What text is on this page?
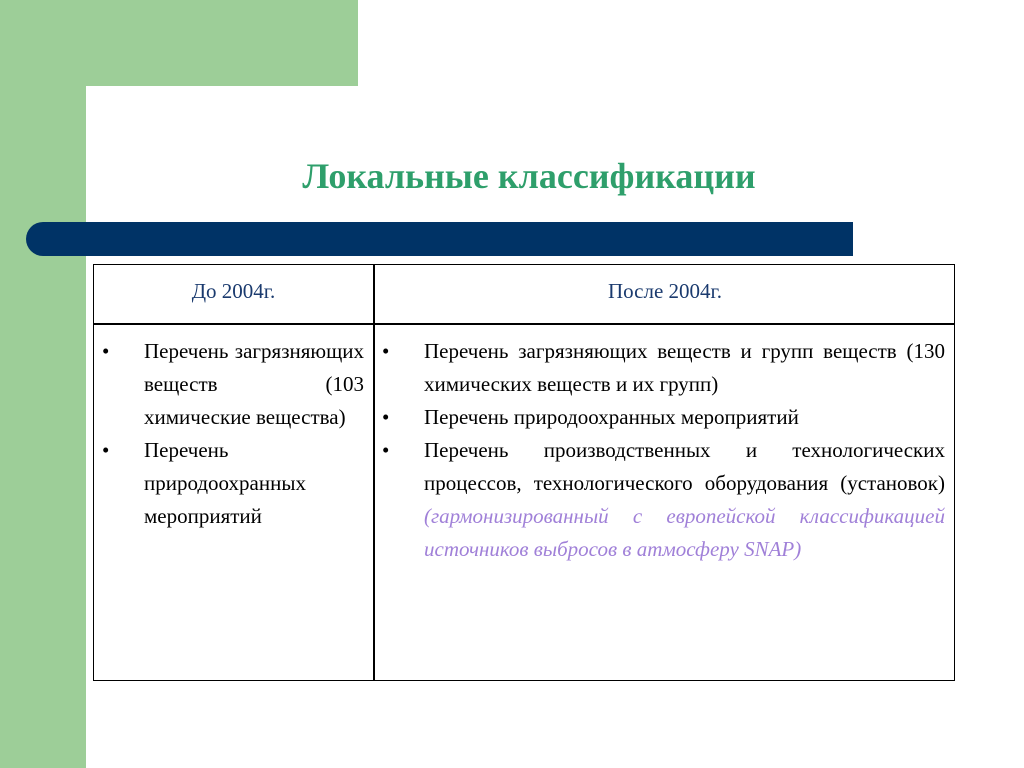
Локальные классификации
До 2004г.	После 2004г.
• Перечень загрязняющих веществ (103 химические вещества)
• Перечень природоохранных мероприятий
• Перечень загрязняющих веществ и групп веществ (130 химических веществ и их групп)
• Перечень природоохранных мероприятий
• Перечень производственных и технологических процессов, технологического оборудования (установок) (гармонизированный с европейской классификацией источников выбросов в атмосферу SNAP)
